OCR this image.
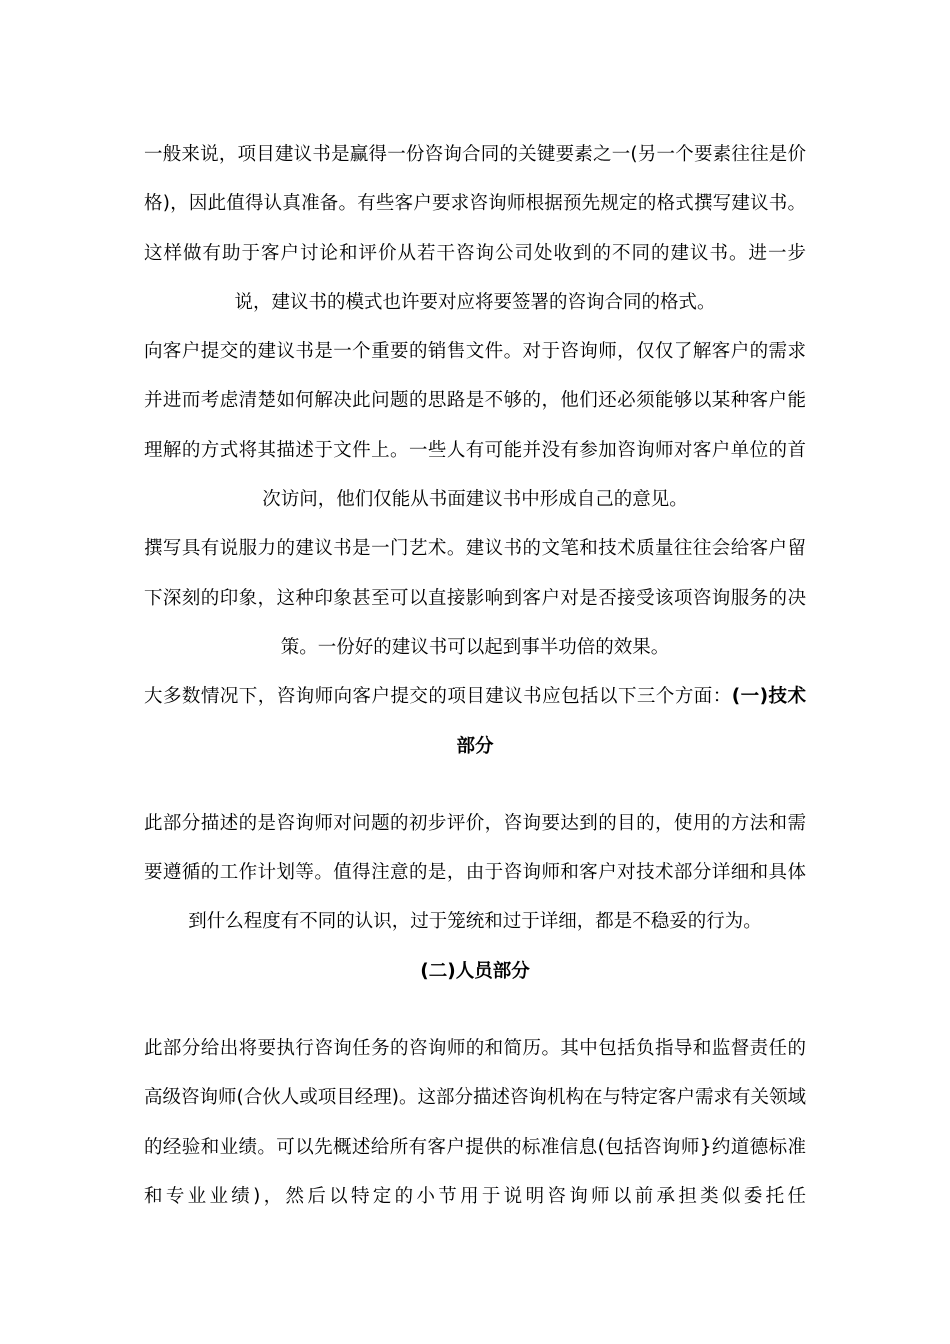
一般来说，项目建议书是赢得一份咨询合同的关键要素之一(另一个要素往往是价格)，因此值得认真准备。有些客户要求咨询师根据预先规定的格式撰写建议书。这样做有助于客户讨论和评价从若干咨询公司处收到的不同的建议书。进一步说，建议书的模式也许要对应将要签署的咨询合同的格式。
向客户提交的建议书是一个重要的销售文件。对于咨询师，仅仅了解客户的需求并进而考虑清楚如何解决此问题的思路是不够的，他们还必须能够以某种客户能理解的方式将其描述于文件上。一些人有可能并没有参加咨询师对客户单位的首次访问，他们仅能从书面建议书中形成自己的意见。
撰写具有说服力的建议书是一门艺术。建议书的文笔和技术质量往往会给客户留下深刻的印象，这种印象甚至可以直接影响到客户对是否接受该项咨询服务的决策。一份好的建议书可以起到事半功倍的效果。
大多数情况下，咨询师向客户提交的项目建议书应包括以下三个方面：(一)技术部分
此部分描述的是咨询师对问题的初步评价，咨询要达到的目的，使用的方法和需要遵循的工作计划等。值得注意的是，由于咨询师和客户对技术部分详细和具体到什么程度有不同的认识，过于笼统和过于详细，都是不稳妥的行为。
(二)人员部分
此部分给出将要执行咨询任务的咨询师的和简历。其中包括负指导和监督责任的高级咨询师(合伙人或项目经理)。这部分描述咨询机构在与特定客户需求有关领域的经验和业绩。可以先概述给所有客户提供的标准信息(包括咨询师}约道德标准和专业业绩)，然后以特定的小节用于说明咨询师以前承担类似委托任
